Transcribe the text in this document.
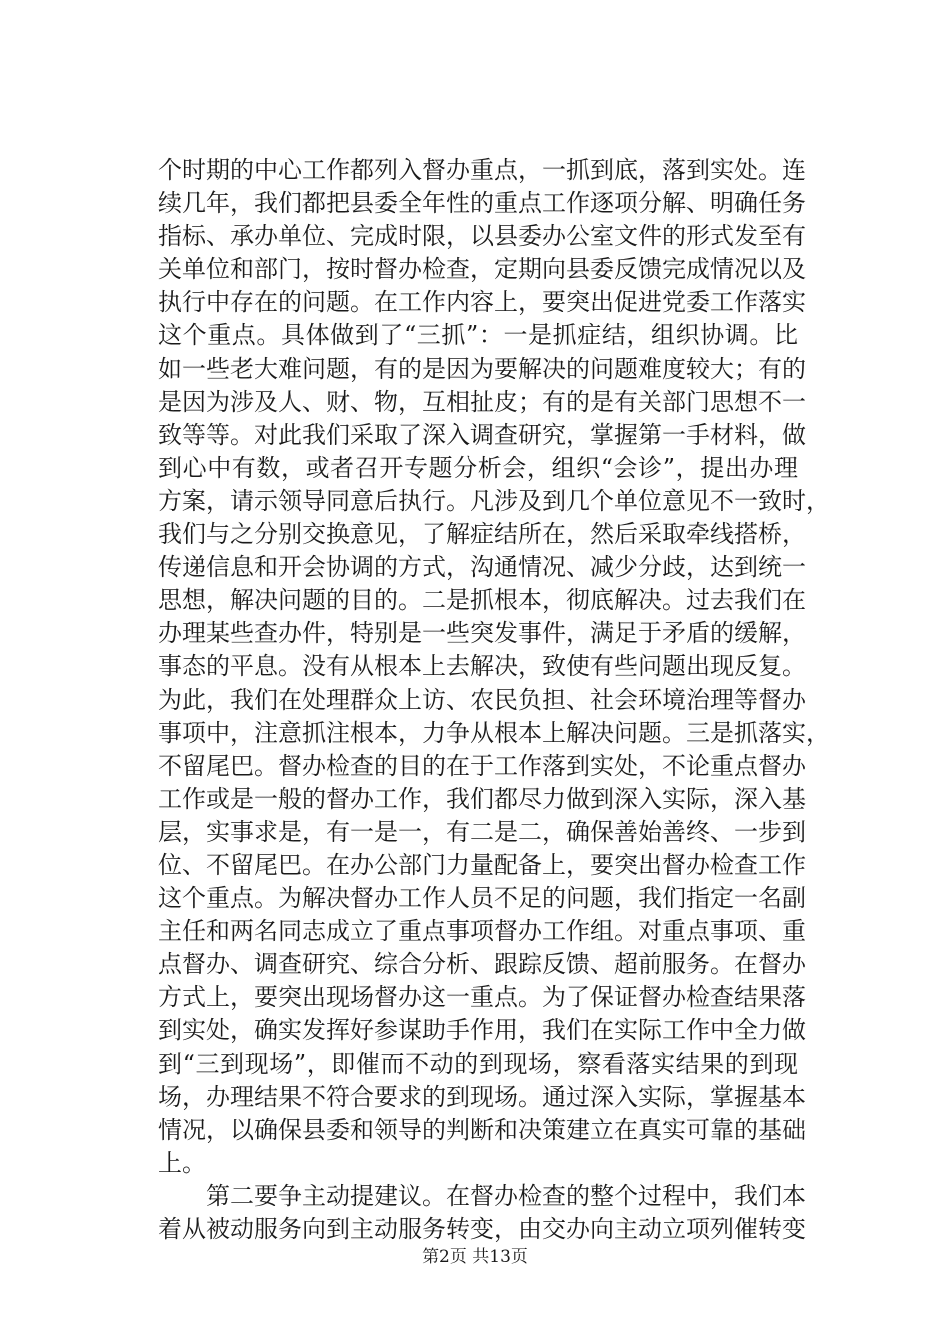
个时期的中心工作都列入督办重点，一抓到底，落到实处。连
续几年，我们都把县委全年性的重点工作逐项分解、明确任务
指标、承办单位、完成时限，以县委办公室文件的形式发至有
关单位和部门，按时督办检查，定期向县委反馈完成情况以及
执行中存在的问题。在工作内容上，要突出促进党委工作落实
这个重点。具体做到了“三抓”：一是抓症结，组织协调。比
如一些老大难问题，有的是因为要解决的问题难度较大；有的
是因为涉及人、财、物，互相扯皮；有的是有关部门思想不一
致等等。对此我们采取了深入调查研究，掌握第一手材料，做
到心中有数，或者召开专题分析会，组织“会诊”，提出办理
方案，请示领导同意后执行。凡涉及到几个单位意见不一致时，
我们与之分别交换意见，了解症结所在，然后采取牵线搭桥，
传递信息和开会协调的方式，沟通情况、减少分歧，达到统一
思想，解决问题的目的。二是抓根本，彻底解决。过去我们在
办理某些查办件，特别是一些突发事件，满足于矛盾的缓解，
事态的平息。没有从根本上去解决，致使有些问题出现反复。
为此，我们在处理群众上访、农民负担、社会环境治理等督办
事项中，注意抓注根本，力争从根本上解决问题。三是抓落实，
不留尾巴。督办检查的目的在于工作落到实处，不论重点督办
工作或是一般的督办工作，我们都尽力做到深入实际，深入基
层，实事求是，有一是一，有二是二，确保善始善终、一步到
位、不留尾巴。在办公部门力量配备上，要突出督办检查工作
这个重点。为解决督办工作人员不足的问题，我们指定一名副
主任和两名同志成立了重点事项督办工作组。对重点事项、重
点督办、调查研究、综合分析、跟踪反馈、超前服务。在督办
方式上，要突出现场督办这一重点。为了保证督办检查结果落
到实处，确实发挥好参谋助手作用，我们在实际工作中全力做
到“三到现场”，即催而不动的到现场，察看落实结果的到现
场，办理结果不符合要求的到现场。通过深入实际，掌握基本
情况，以确保县委和领导的判断和决策建立在真实可靠的基础
上。
第二要争主动提建议。在督办检查的整个过程中，我们本
着从被动服务向到主动服务转变，由交办向主动立项列催转变
第2页 共13页
